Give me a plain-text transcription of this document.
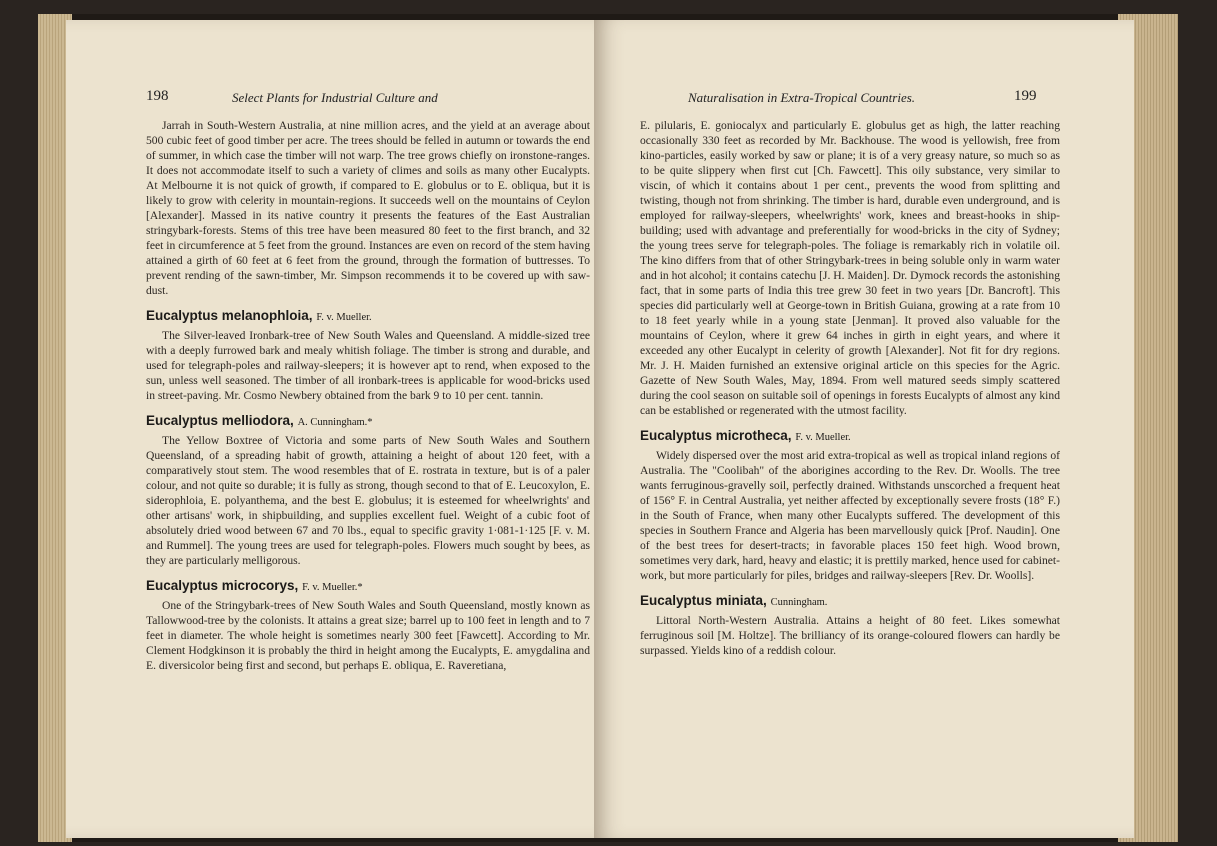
198	Select Plants for Industrial Culture and

Jarrah in South-Western Australia, at nine million acres, and the yield at an average about 500 cubic feet of good timber per acre. The trees should be felled in autumn or towards the end of summer, in which case the timber will not warp. The tree grows chiefly on ironstone-ranges. It does not accommodate itself to such a variety of climes and soils as many other Eucalypts. At Melbourne it is not quick of growth, if compared to E. globulus or to E. obliqua, but it is likely to grow with celerity in mountain-regions. It succeeds well on the mountains of Ceylon [Alexander]. Massed in its native country it presents the features of the East Australian stringybark-forests. Stems of this tree have been measured 80 feet to the first branch, and 32 feet in circumference at 5 feet from the ground. Instances are even on record of the stem having attained a girth of 60 feet at 6 feet from the ground, through the formation of buttresses. To prevent rending of the sawn-timber, Mr. Simpson recommends it to be covered up with saw-dust.

Eucalyptus melanophloia, F. v. Mueller.

The Silver-leaved Ironbark-tree of New South Wales and Queensland. A middle-sized tree with a deeply furrowed bark and mealy whitish foliage. The timber is strong and durable, and used for telegraph-poles and railway-sleepers; it is however apt to rend, when exposed to the sun, unless well seasoned. The timber of all ironbark-trees is applicable for wood-bricks used in street-paving. Mr. Cosmo Newbery obtained from the bark 9 to 10 per cent. tannin.

Eucalyptus melliodora, A. Cunningham.*

The Yellow Boxtree of Victoria and some parts of New South Wales and Southern Queensland, of a spreading habit of growth, attaining a height of about 120 feet, with a comparatively stout stem. The wood resembles that of E. rostrata in texture, but is of a paler colour, and not quite so durable; it is fully as strong, though second to that of E. Leucoxylon, E. siderophloia, E. polyanthema, and the best E. globulus; it is esteemed for wheelwrights' and other artisans' work, in shipbuilding, and supplies excellent fuel. Weight of a cubic foot of absolutely dried wood between 67 and 70 lbs., equal to specific gravity 1·081-1·125 [F. v. M. and Rummel]. The young trees are used for telegraph-poles. Flowers much sought by bees, as they are particularly melligorous.

Eucalyptus microcorys, F. v. Mueller.*

One of the Stringybark-trees of New South Wales and South Queensland, mostly known as Tallowwood-tree by the colonists. It attains a great size; barrel up to 100 feet in length and to 7 feet in diameter. The whole height is sometimes nearly 300 feet [Fawcett]. According to Mr. Clement Hodgkinson it is probably the third in height among the Eucalypts, E. amygdalina and E. diversicolor being first and second, but perhaps E. obliqua, E. Raveretiana,

Naturalisation in Extra-Tropical Countries.	199

E. pilularis, E. goniocalyx and particularly E. globulus get as high, the latter reaching occasionally 330 feet as recorded by Mr. Backhouse. The wood is yellowish, free from kino-particles, easily worked by saw or plane; it is of a very greasy nature, so much so as to be quite slippery when first cut [Ch. Fawcett]. This oily substance, very similar to viscin, of which it contains about 1 per cent., prevents the wood from splitting and twisting, though not from shrinking. The timber is hard, durable even underground, and is employed for railway-sleepers, wheelwrights' work, knees and breast-hooks in ship-building; used with advantage and preferentially for wood-bricks in the city of Sydney; the young trees serve for telegraph-poles. The foliage is remarkably rich in volatile oil. The kino differs from that of other Stringybark-trees in being soluble only in warm water and in hot alcohol; it contains catechu [J. H. Maiden]. Dr. Dymock records the astonishing fact, that in some parts of India this tree grew 30 feet in two years [Dr. Bancroft]. This species did particularly well at George-town in British Guiana, growing at a rate from 10 to 18 feet yearly while in a young state [Jenman]. It proved also valuable for the mountains of Ceylon, where it grew 64 inches in girth in eight years, and where it exceeded any other Eucalypt in celerity of growth [Alexander]. Not fit for dry regions. Mr. J. H. Maiden furnished an extensive original article on this species for the Agric. Gazette of New South Wales, May, 1894. From well matured seeds simply scattered during the cool season on suitable soil of openings in forests Eucalypts of almost any kind can be established or regenerated with the utmost facility.

Eucalyptus microtheca, F. v. Mueller.

Widely dispersed over the most arid extra-tropical as well as tropical inland regions of Australia. The "Coolibah" of the aborigines according to the Rev. Dr. Woolls. The tree wants ferruginous-gravelly soil, perfectly drained. Withstands unscorched a frequent heat of 156° F. in Central Australia, yet neither affected by exceptionally severe frosts (18° F.) in the South of France, when many other Eucalypts suffered. The development of this species in Southern France and Algeria has been marvellously quick [Prof. Naudin]. One of the best trees for desert-tracts; in favorable places 150 feet high. Wood brown, sometimes very dark, hard, heavy and elastic; it is prettily marked, hence used for cabinet-work, but more particularly for piles, bridges and railway-sleepers [Rev. Dr. Woolls].

Eucalyptus miniata, Cunningham.

Littoral North-Western Australia. Attains a height of 80 feet. Likes somewhat ferruginous soil [M. Holtze]. The brilliancy of its orange-coloured flowers can hardly be surpassed. Yields kino of a reddish colour.
